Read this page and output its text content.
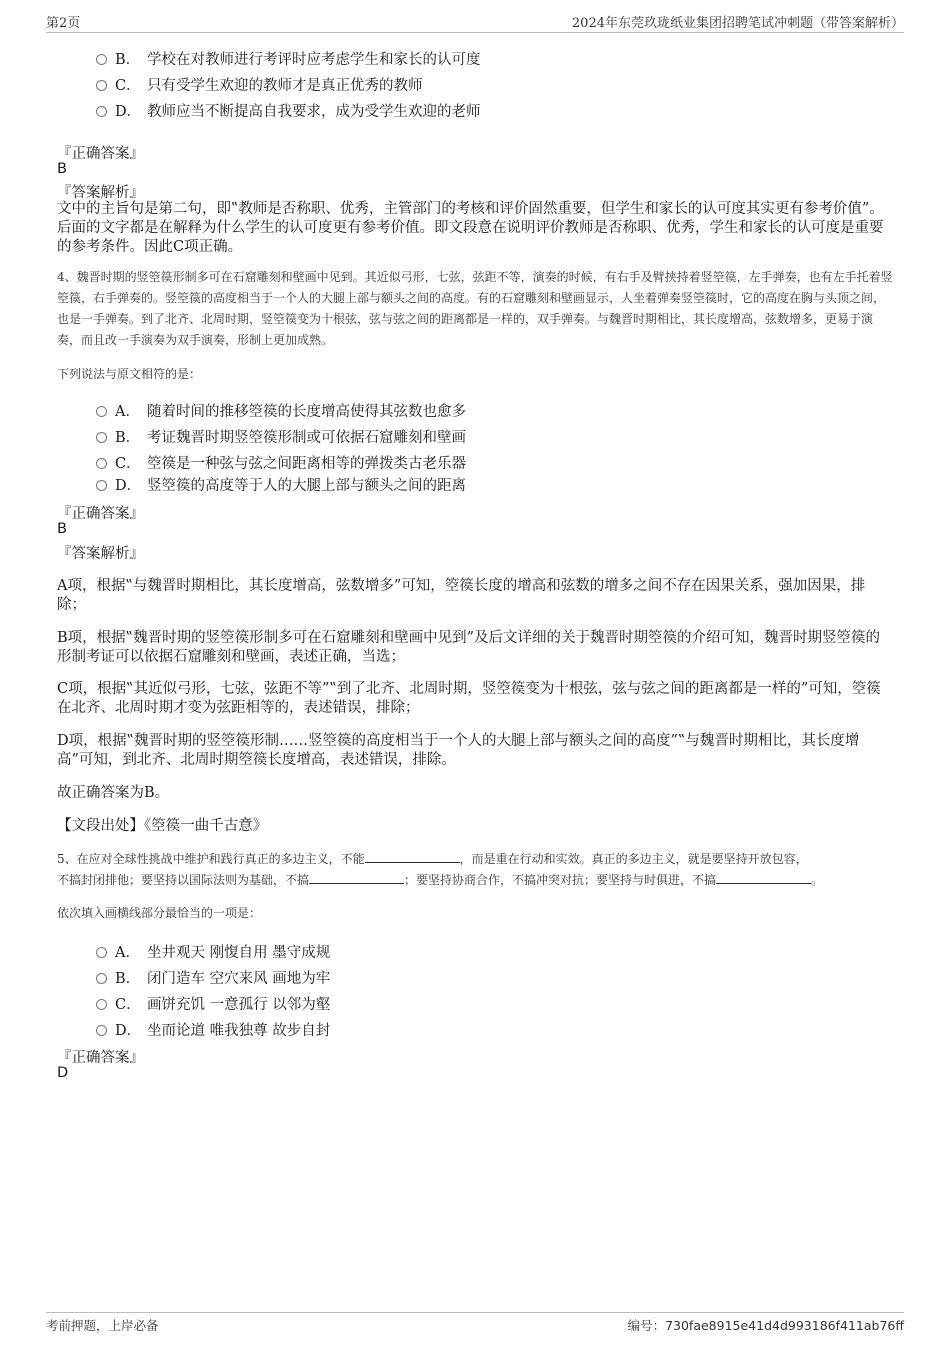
第2页	2024年东莞玖珑纸业集团招聘笔试冲刺题（带答案解析）
B． 学校在对教师进行考评时应考虑学生和家长的认可度
C． 只有受学生欢迎的教师才是真正优秀的教师
D． 教师应当不断提高自我要求，成为受学生欢迎的老师
『正确答案』
B
『答案解析』
文中的主旨句是第二句，即‟教师是否称职、优秀，主管部门的考核和评价固然重要，但学生和家长的认可度其实更有参考价值”。后面的文字都是在解释为什么学生的认可度更有参考价值。即文段意在说明评价教师是否称职、优秀，学生和家长的认可度是重要的参考条件。因此C项正确。
4、魏晋时期的竖箜篌形制多可在石窟雕刻和壁画中见到。其近似弓形，七弦，弦距不等，演奏的时候，有右手及臂挟持着竖箜篌，左手弹奏，也有左手托着竖箜篌，右手弹奏的。竖箜篌的高度相当于一个人的大腿上部与额头之间的高度。有的石窟雕刻和壁画显示，人坐着弹奏竖箜篌时，它的高度在胸与头顶之间，也是一手弹奏。到了北齐、北周时期，竖箜篌变为十根弦，弦与弦之间的距离都是一样的，双手弹奏。与魏晋时期相比，其长度增高，弦数增多，更易于演奏，而且改一手演奏为双手演奏，形制上更加成熟。
下列说法与原文相符的是：
A． 随着时间的推移箜篌的长度增高使得其弦数也愈多
B． 考证魏晋时期竖箜篌形制或可依据石窟雕刻和壁画
C． 箜篌是一种弦与弦之间距离相等的弹拨类古老乐器
D． 竖箜篌的高度等于人的大腿上部与额头之间的距离
『正确答案』
B
『答案解析』
A项，根据‟与魏晋时期相比，其长度增高，弦数增多”可知，箜篌长度的增高和弦数的增多之间不存在因果关系，强加因果，排除；
B项，根据‟魏晋时期的竖箜篌形制多可在石窟雕刻和壁画中见到”及后文详细的关于魏晋时期箜篌的介绍可知，魏晋时期竖箜篌的形制考证可以依据石窟雕刻和壁画，表述正确，当选；
C项，根据‟其近似弓形，七弦，弦距不等”‟到了北齐、北周时期，竖箜篌变为十根弦，弦与弦之间的距离都是一样的”可知，箜篌在北齐、北周时期才变为弦距相等的，表述错误，排除；
D项，根据‟魏晋时期的竖箜篌形制……竖箜篌的高度相当于一个人的大腿上部与额头之间的高度”‟与魏晋时期相比，其长度增高”可知，到北齐、北周时期箜篌长度增高，表述错误，排除。
故正确答案为B。
【文段出处】《箜篌一曲千古意》
5、在应对全球性挑战中维护和践行真正的多边主义，不能	，而是重在行动和实效。真正的多边主义，就是要坚持开放包容，
不搞封闭排他；要坚持以国际法则为基础，不搞	；要坚持协商合作，不搞冲突对抗；要坚持与时俱进，不搞	。
依次填入画横线部分最恰当的一项是：
A． 坐井观天 刚愎自用 墨守成规
B． 闭门造车 空穴来风 画地为牢
C． 画饼充饥 一意孤行 以邻为壑
D． 坐而论道 唯我独尊 故步自封
『正确答案』
D
考前押题，上岸必备	编号：730fae8915e41d4d993186f411ab76ff
